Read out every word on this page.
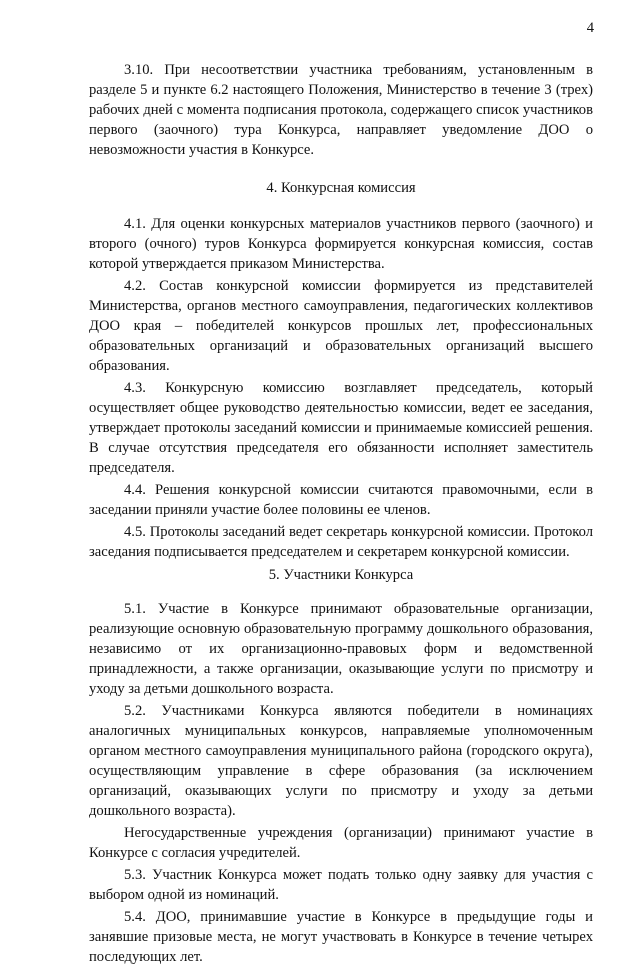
4

3.10. При несоответствии участника требованиям, установленным в разделе 5 и пункте 6.2 настоящего Положения, Министерство в течение 3 (трех) рабочих дней с момента подписания протокола, содержащего список участников первого (заочного) тура Конкурса, направляет уведомление ДОО о невозможности участия в Конкурсе.

4. Конкурсная комиссия

4.1. Для оценки конкурсных материалов участников первого (заочного) и второго (очного) туров Конкурса формируется конкурсная комиссия, состав которой утверждается приказом Министерства.

4.2. Состав конкурсной комиссии формируется из представителей Министерства, органов местного самоуправления, педагогических коллективов ДОО края – победителей конкурсов прошлых лет, профессиональных образовательных организаций и образовательных организаций высшего образования.

4.3. Конкурсную комиссию возглавляет председатель, который осуществляет общее руководство деятельностью комиссии, ведет ее заседания, утверждает протоколы заседаний комиссии и принимаемые комиссией решения. В случае отсутствия председателя его обязанности исполняет заместитель председателя.

4.4. Решения конкурсной комиссии считаются правомочными, если в заседании приняли участие более половины ее членов.

4.5. Протоколы заседаний ведет секретарь конкурсной комиссии. Протокол заседания подписывается председателем и секретарем конкурсной комиссии.

5. Участники Конкурса

5.1. Участие в Конкурсе принимают образовательные организации, реализующие основную образовательную программу дошкольного образования, независимо от их организационно-правовых форм и ведомственной принадлежности, а также организации, оказывающие услуги по присмотру и уходу за детьми дошкольного возраста.

5.2. Участниками Конкурса являются победители в номинациях аналогичных муниципальных конкурсов, направляемые уполномоченным органом местного самоуправления муниципального района (городского округа), осуществляющим управление в сфере образования (за исключением организаций, оказывающих услуги по присмотру и уходу за детьми дошкольного возраста).

Негосударственные учреждения (организации) принимают участие в Конкурсе с согласия учредителей.

5.3. Участник Конкурса может подать только одну заявку для участия с выбором одной из номинаций.

5.4. ДОО, принимавшие участие в Конкурсе в предыдущие годы и занявшие призовые места, не могут участвовать в Конкурсе в течение четырех последующих лет.
